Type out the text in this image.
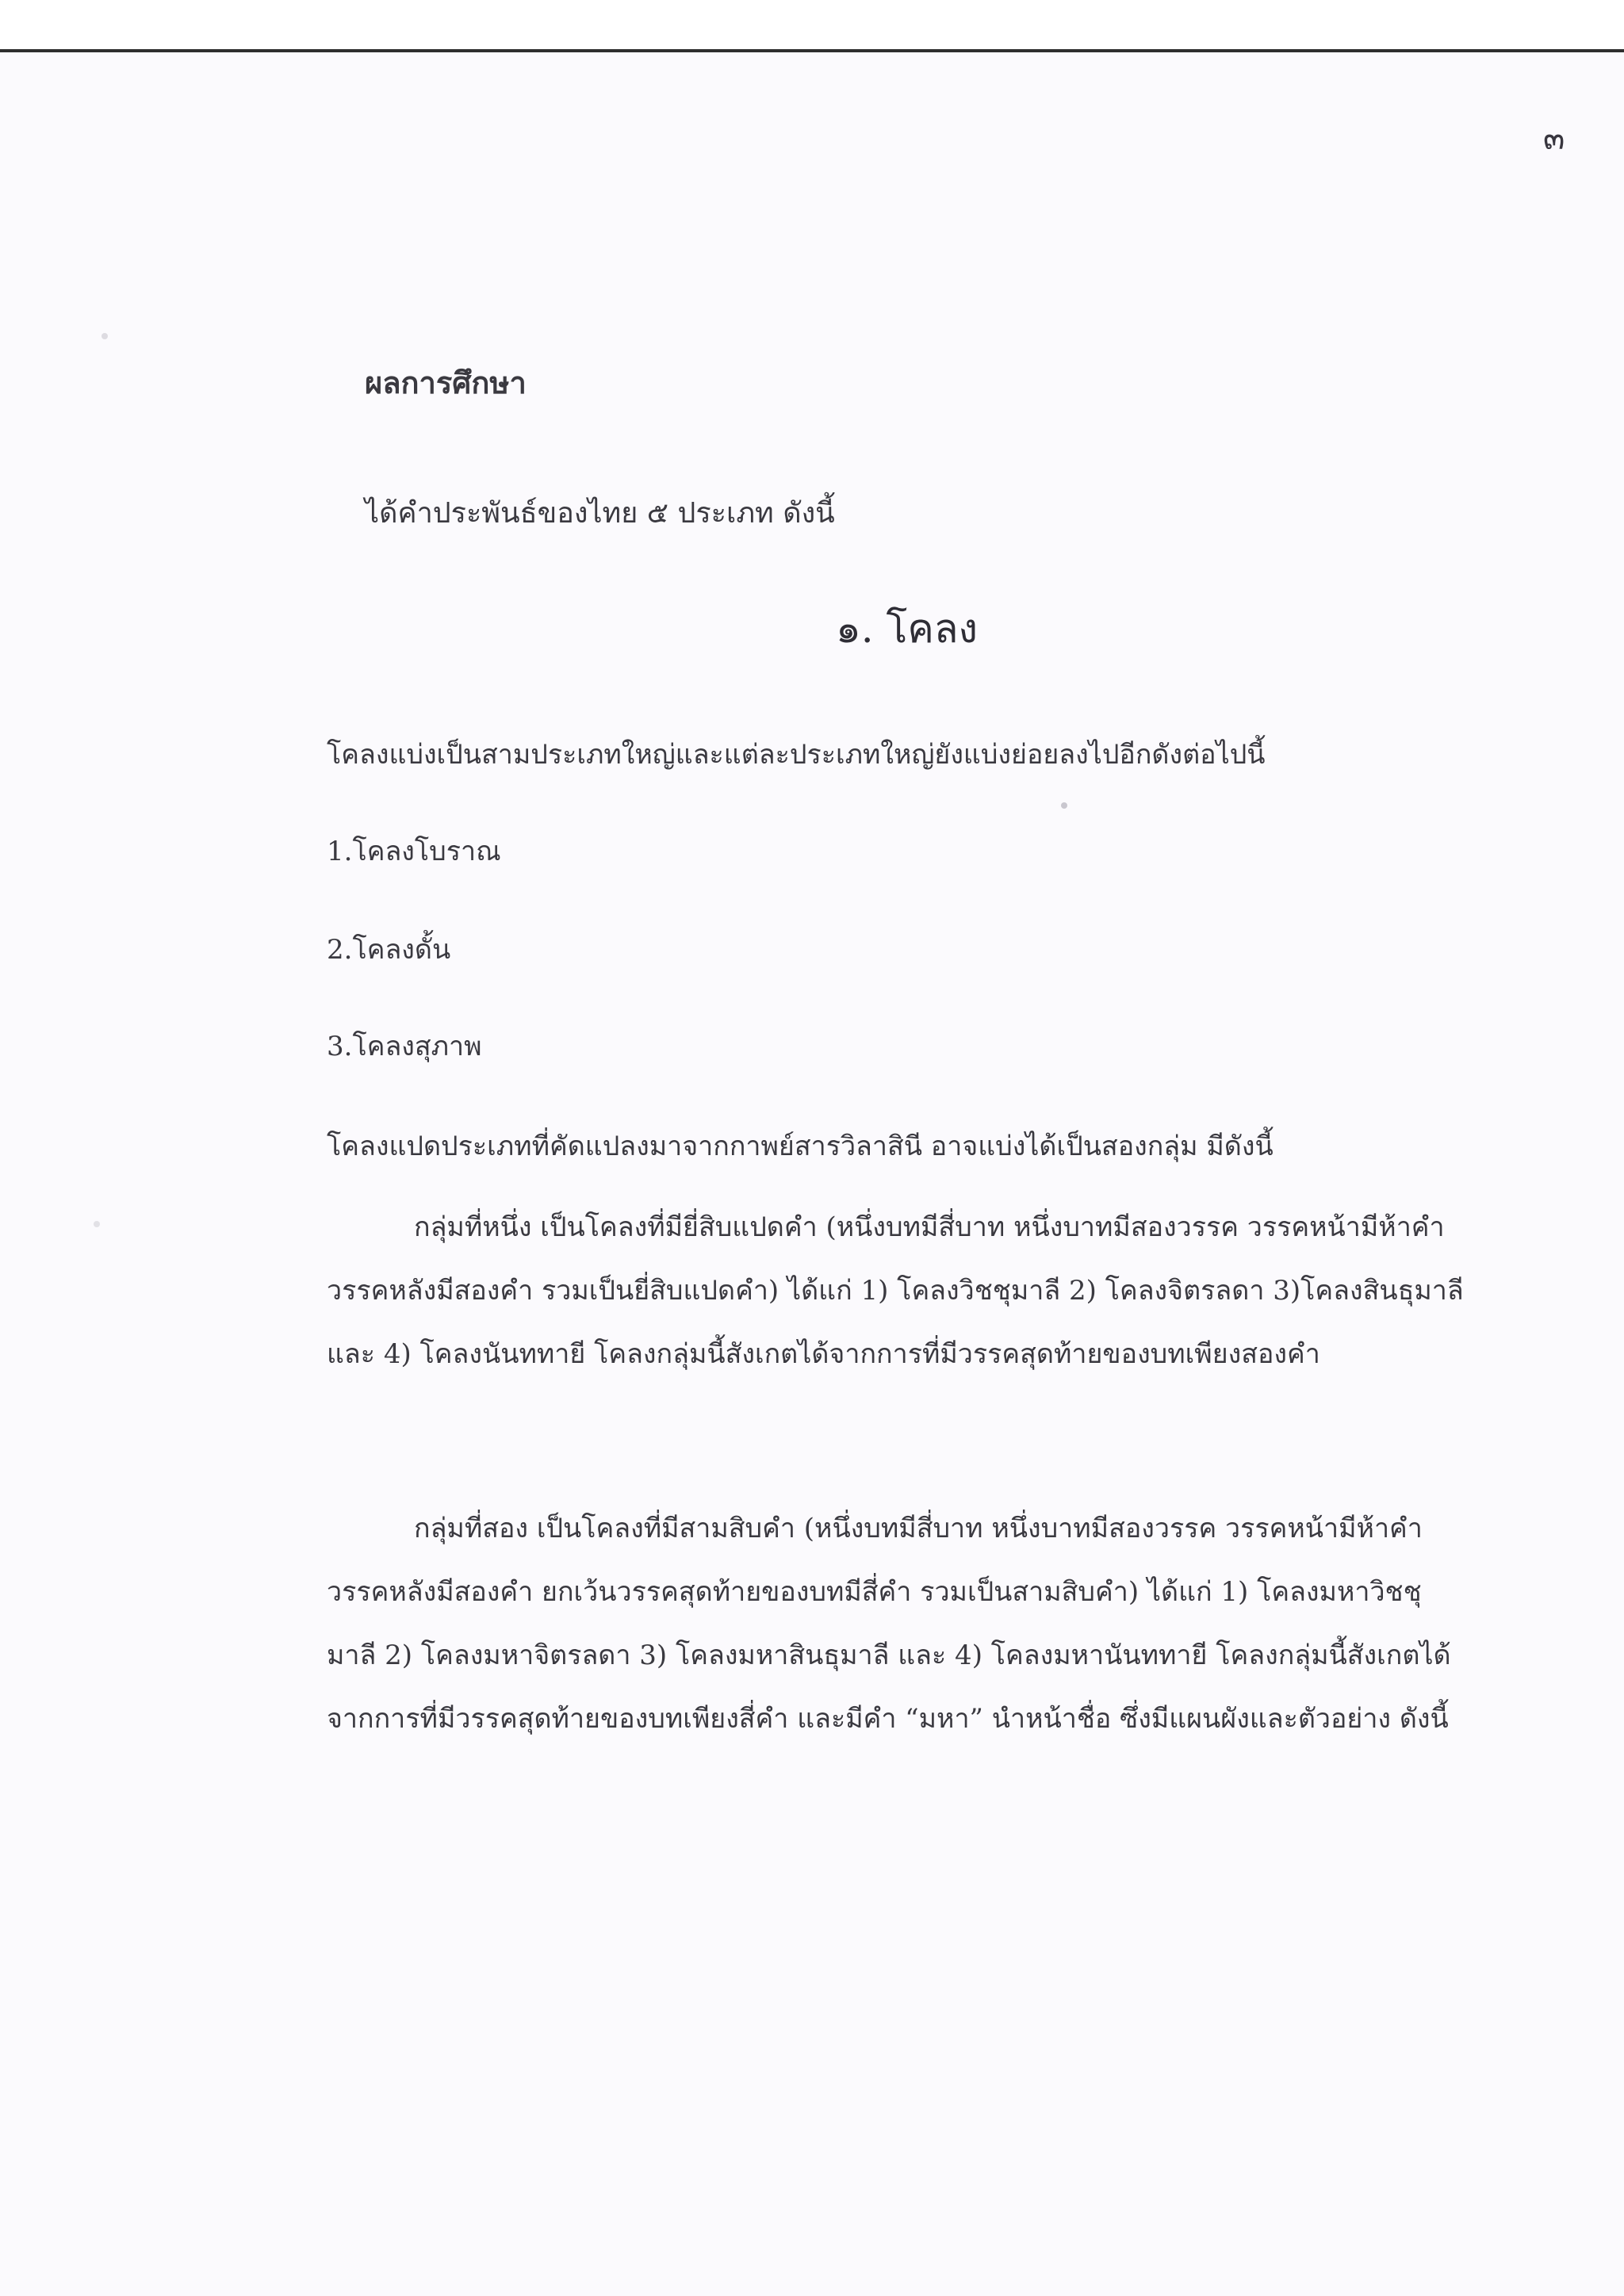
๓
ผลการศึกษา
ได้คำประพันธ์ของไทย ๕ ประเภท ดังนี้
๑. โคลง
โคลงแบ่งเป็นสามประเภทใหญ่และแต่ละประเภทใหญ่ยังแบ่งย่อยลงไปอีกดังต่อไปนี้
1.โคลงโบราณ
2.โคลงดั้น
3.โคลงสุภาพ
โคลงแปดประเภทที่คัดแปลงมาจากกาพย์สารวิลาสินี อาจแบ่งได้เป็นสองกลุ่ม มีดังนี้
กลุ่มที่หนึ่ง เป็นโคลงที่มียี่สิบแปดคำ (หนึ่งบทมีสี่บาท หนึ่งบาทมีสองวรรค วรรคหน้ามีห้าคำ วรรคหลังมีสองคำ รวมเป็นยี่สิบแปดคำ) ได้แก่ 1) โคลงวิชชุมาลี 2) โคลงจิตรลดา 3)โคลงสินธุมาลี และ 4) โคลงนันททายี โคลงกลุ่มนี้สังเกตได้จากการที่มีวรรคสุดท้ายของบทเพียงสองคำ
กลุ่มที่สอง เป็นโคลงที่มีสามสิบคำ (หนึ่งบทมีสี่บาท หนึ่งบาทมีสองวรรค วรรคหน้ามีห้าคำ วรรคหลังมีสองคำ ยกเว้นวรรคสุดท้ายของบทมีสี่คำ รวมเป็นสามสิบคำ) ได้แก่ 1) โคลงมหาวิชชุมาลี 2) โคลงมหาจิตรลดา 3) โคลงมหาสินธุมาลี และ 4) โคลงมหานันททายี โคลงกลุ่มนี้สังเกตได้จากการที่มีวรรคสุดท้ายของบทเพียงสี่คำ และมีคำ “มหา” นำหน้าชื่อ ซึ่งมีแผนผังและตัวอย่าง ดังนี้
